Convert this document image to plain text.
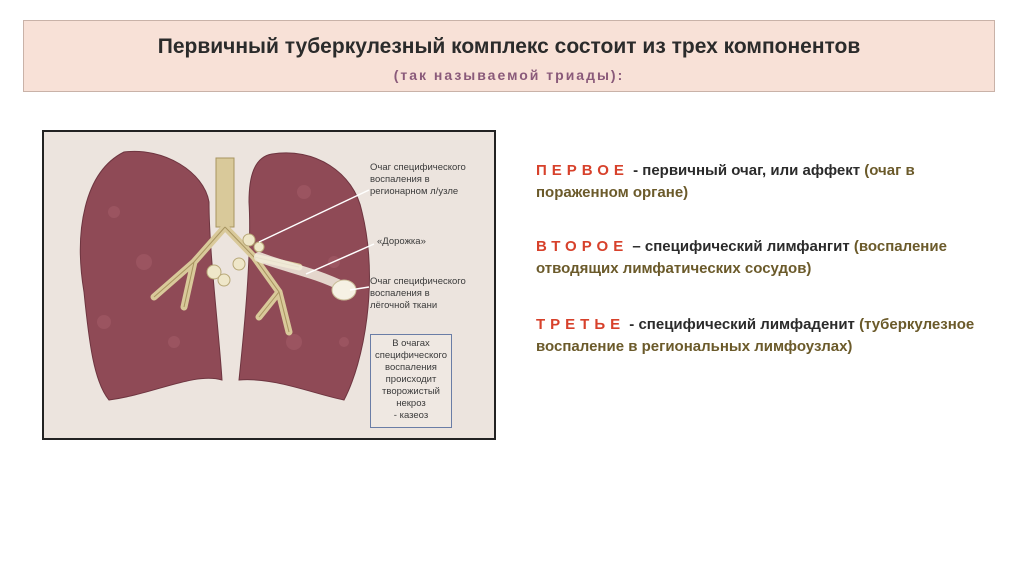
Первичный туберкулезный комплекс состоит из трех компонентов
(так называемой триады):
Очаг специфического
воспаления в
регионарном л/узле
«Дорожка»
Очаг специфического
воспаления в
лёгочной ткани
В очагах
специфического
воспаления
происходит
творожистый некроз
- казеоз
ПЕРВОЕ - первичный очаг, или аффект (очаг в пораженном органе)
ВТОРОЕ – специфический лимфангит (воспаление отводящих лимфатических сосудов)
ТРЕТЬЕ - специфический лимфаденит (туберкулезное воспаление в региональных лимфоузлах)
